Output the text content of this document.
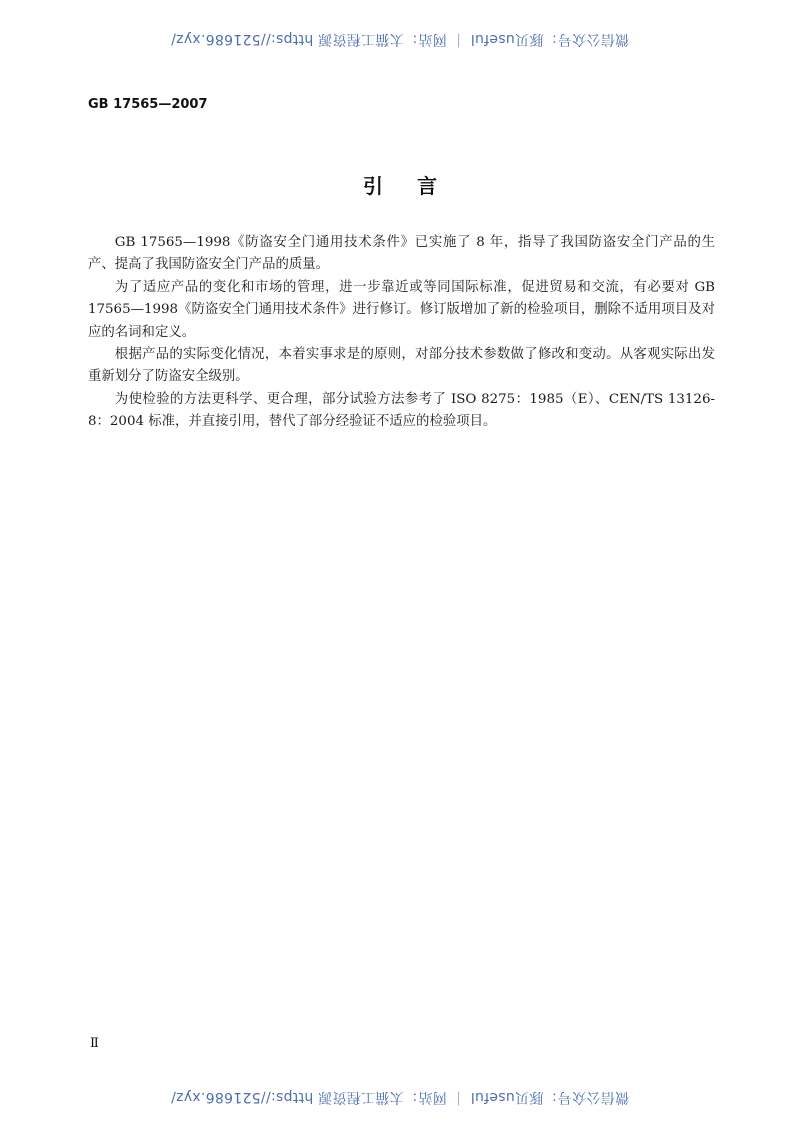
微信公众号：豚贝useful ｜ 网站：太猫工程资源 https://521686.xyz/
GB 17565—2007
引言

GB 17565—1998《防盗安全门通用技术条件》已实施了 8 年，指导了我国防盗安全门产品的生产、提高了我国防盗安全门产品的质量。

为了适应产品的变化和市场的管理，进一步靠近或等同国际标准，促进贸易和交流，有必要对 GB 17565—1998《防盗安全门通用技术条件》进行修订。修订版增加了新的检验项目，删除不适用项目及对应的名词和定义。

根据产品的实际变化情况，本着实事求是的原则，对部分技术参数做了修改和变动。从客观实际出发重新划分了防盗安全级别。

为使检验的方法更科学、更合理，部分试验方法参考了 ISO 8275：1985（E）、CEN/TS 13126-8：2004 标准，并直接引用，替代了部分经验证不适应的检验项目。

Ⅱ
微信公众号：豚贝useful ｜ 网站：太猫工程资源 https://521686.xyz/
